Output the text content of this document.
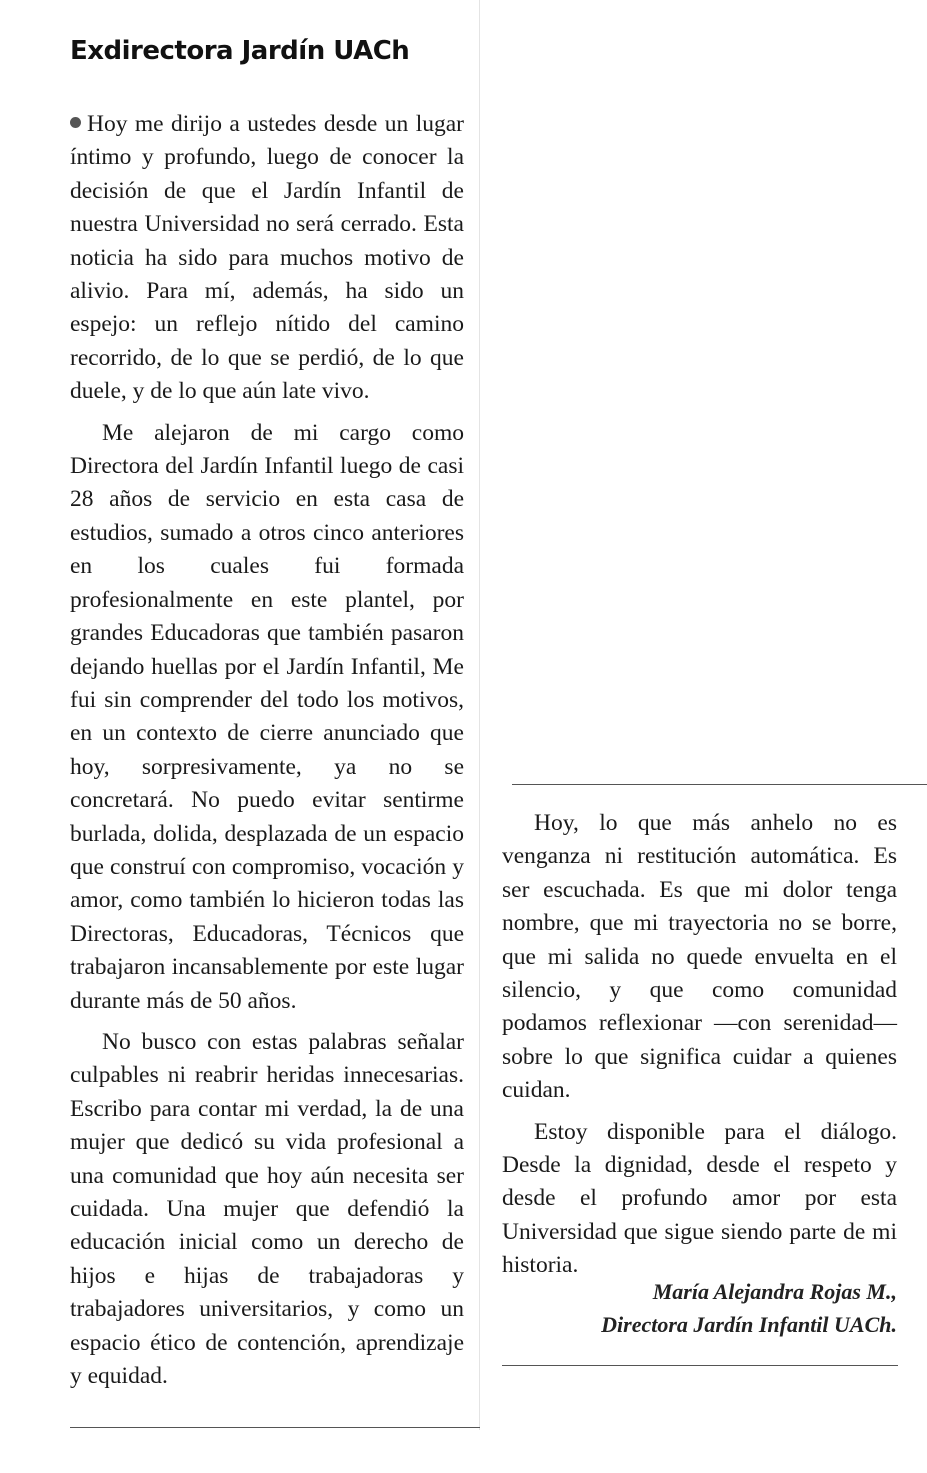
Exdirectora Jardín UACh

Hoy me dirijo a ustedes desde un lugar íntimo y profundo, luego de conocer la decisión de que el Jardín Infantil de nuestra Universidad no será cerrado. Esta noticia ha sido para muchos motivo de alivio. Para mí, además, ha sido un espejo: un reflejo nítido del camino recorrido, de lo que se perdió, de lo que duele, y de lo que aún late vivo.

Me alejaron de mi cargo como Directora del Jardín Infantil luego de casi 28 años de servicio en esta casa de estudios, sumado a otros cinco anteriores en los cuales fui formada profesionalmente en este plantel, por grandes Educadoras que también pasaron dejando huellas por el Jardín Infantil, Me fui sin comprender del todo los motivos, en un contexto de cierre anunciado que hoy, sorpresivamente, ya no se concretará. No puedo evitar sentirme burlada, dolida, desplazada de un espacio que construí con compromiso, vocación y amor, como también lo hicieron todas las Directoras, Educadoras, Técnicos que trabajaron incansablemente por este lugar durante más de 50 años.

No busco con estas palabras señalar culpables ni reabrir heridas innecesarias. Escribo para contar mi verdad, la de una mujer que dedicó su vida profesional a una comunidad que hoy aún necesita ser cuidada. Una mujer que defendió la educación inicial como un derecho de hijos e hijas de trabajadoras y trabajadores universitarios, y como un espacio ético de contención, aprendizaje y equidad.

Hoy, lo que más anhelo no es venganza ni restitución automática. Es ser escuchada. Es que mi dolor tenga nombre, que mi trayectoria no se borre, que mi salida no quede envuelta en el silencio, y que como comunidad podamos reflexionar —con serenidad— sobre lo que significa cuidar a quienes cuidan.

Estoy disponible para el diálogo. Desde la dignidad, desde el respeto y desde el profundo amor por esta Universidad que sigue siendo parte de mi historia.

María Alejandra Rojas M.,
Directora Jardín Infantil UACh.
